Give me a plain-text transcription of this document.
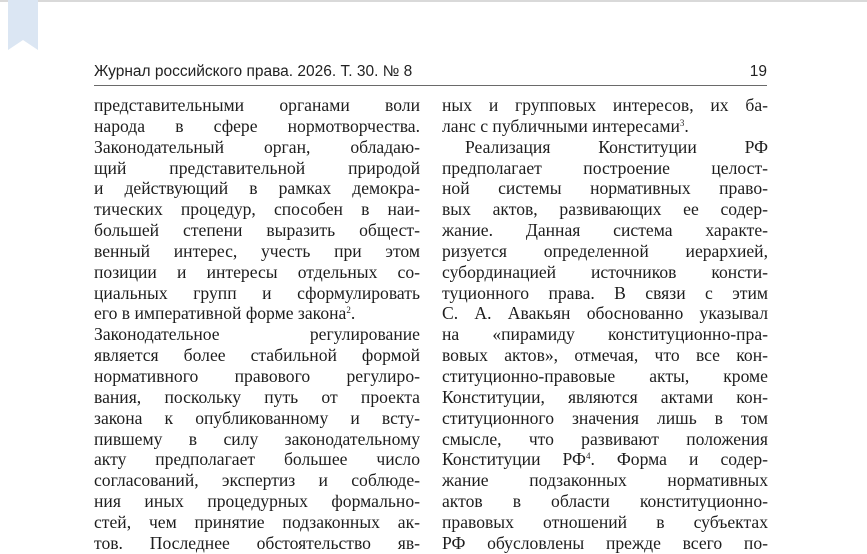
Журнал российского права. 2026. Т. 30. № 8	19
представительными органами воли
народа в сфере нормотворчества.
Законодательный орган, обладаю-
щий представительной природой
и действующий в рамках демокра-
тических процедур, способен в наи-
большей степени выразить общест-
венный интерес, учесть при этом
позиции и интересы отдельных со-
циальных групп и сформулировать
его в императивной форме закона$^2$.
Законодательное регулирование
является более стабильной формой
нормативного правового регулиро-
вания, поскольку путь от проекта
закона к опубликованному и всту-
пившему в силу законодательному
акту предполагает большее число
согласований, экспертиз и соблюде-
ния иных процедурных формально-
стей, чем принятие подзаконных ак-
тов. Последнее обстоятельство яв-
ных и групповых интересов, их ба-
ланс с публичными интересами$^3$.
Реализация Конституции РФ
предполагает построение целост-
ной системы нормативных право-
вых актов, развивающих ее содер-
жание. Данная система характе-
ризуется определенной иерархией,
субординацией источников консти-
туционного права. В связи с этим
С. А. Авакьян обоснованно указывал
на «пирамиду конституционно-пра-
вовых актов», отмечая, что все кон-
ституционно-правовые акты, кроме
Конституции, являются актами кон-
ституционного значения лишь в том
смысле, что развивают положения
Конституции $РФ^4$. Форма и содер-
жание подзаконных нормативных
актов в области конституционно-
правовых отношений в субъектах
РФ обусловлены прежде всего по-
